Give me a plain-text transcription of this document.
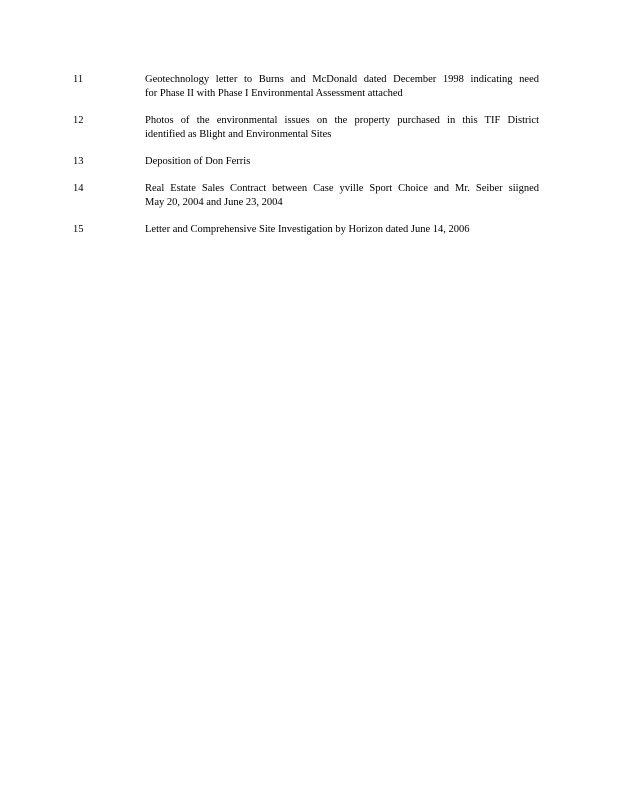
11	Geotechnology letter to Burns and McDonald dated December 1998 indicating need
for Phase II with Phase I Environmental Assessment attached
12	Photos of the environmental issues on the property purchased in this TIF District
identified as Blight and Environmental Sites
13	Deposition of Don Ferris
14	Real Estate Sales Contract between Case yville Sport Choice and Mr. Seiber siigned
May 20, 2004 and June 23, 2004
15	Letter and Comprehensive Site Investigation by Horizon dated June 14, 2006
